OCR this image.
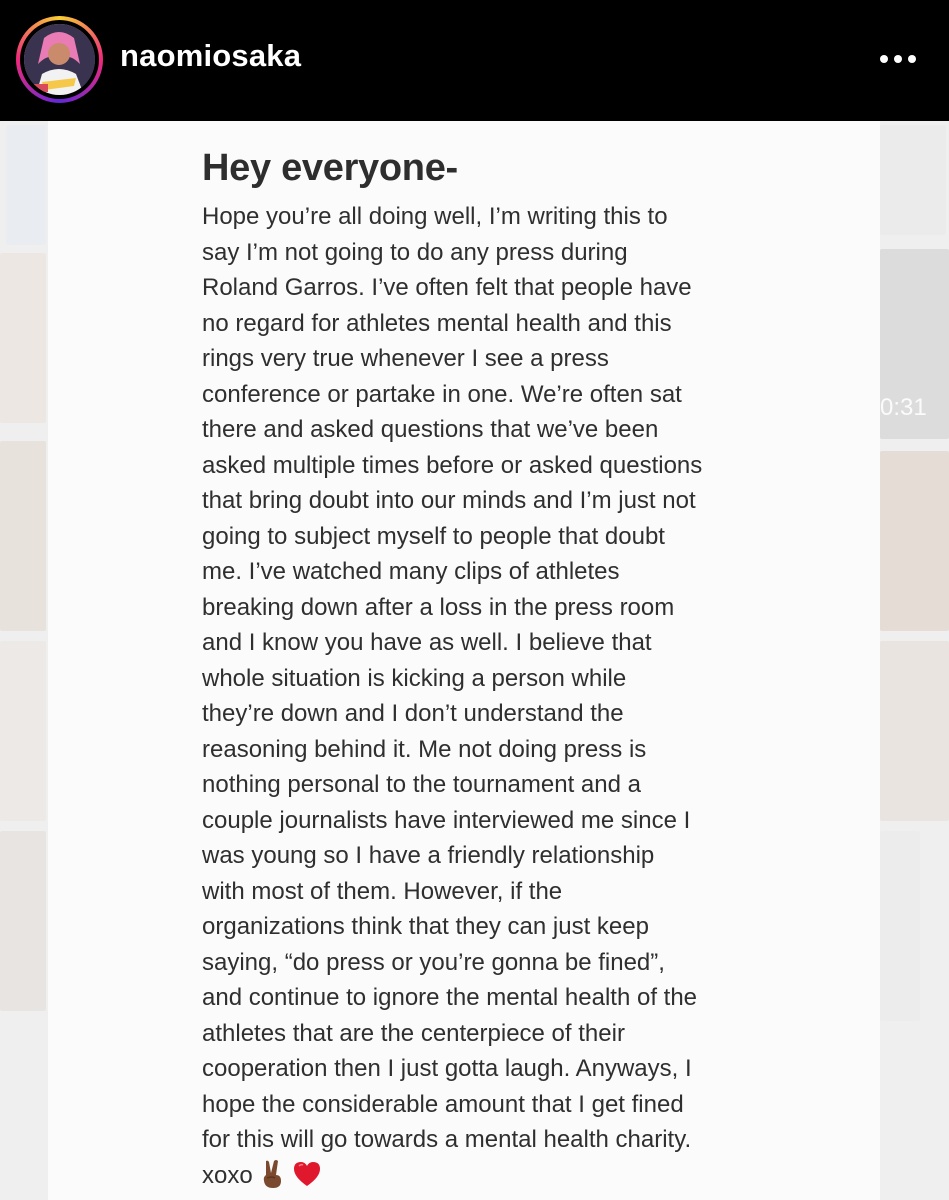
naomiosaka
0:31
Hey everyone-
Hope you’re all doing well, I’m writing this to
say I’m not going to do any press during
Roland Garros. I’ve often felt that people have
no regard for athletes mental health and this
rings very true whenever I see a press
conference or partake in one. We’re often sat
there and asked questions that we’ve been
asked multiple times before or asked questions
that bring doubt into our minds and I’m just not
going to subject myself to people that doubt
me. I’ve watched many clips of athletes
breaking down after a loss in the press room
and I know you have as well. I believe that
whole situation is kicking a person while
they’re down and I don’t understand the
reasoning behind it. Me not doing press is
nothing personal to the tournament and a
couple journalists have interviewed me since I
was young so I have a friendly relationship
with most of them. However, if the
organizations think that they can just keep
saying, “do press or you’re gonna be fined”,
and continue to ignore the mental health of the
athletes that are the centerpiece of their
cooperation then I just gotta laugh. Anyways, I
hope the considerable amount that I get fined
for this will go towards a mental health charity.
xoxo
